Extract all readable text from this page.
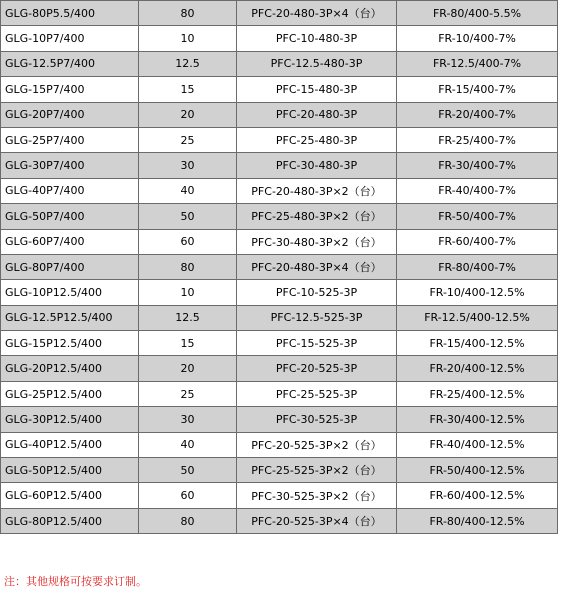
GLG-80P5.5/400	80	PFC-20-480-3P×4（台）	FR-80/400-5.5%
GLG-10P7/400	10	PFC-10-480-3P	FR-10/400-7%
GLG-12.5P7/400	12.5	PFC-12.5-480-3P	FR-12.5/400-7%
GLG-15P7/400	15	PFC-15-480-3P	FR-15/400-7%
GLG-20P7/400	20	PFC-20-480-3P	FR-20/400-7%
GLG-25P7/400	25	PFC-25-480-3P	FR-25/400-7%
GLG-30P7/400	30	PFC-30-480-3P	FR-30/400-7%
GLG-40P7/400	40	PFC-20-480-3P×2（台）	FR-40/400-7%
GLG-50P7/400	50	PFC-25-480-3P×2（台）	FR-50/400-7%
GLG-60P7/400	60	PFC-30-480-3P×2（台）	FR-60/400-7%
GLG-80P7/400	80	PFC-20-480-3P×4（台）	FR-80/400-7%
GLG-10P12.5/400	10	PFC-10-525-3P	FR-10/400-12.5%
GLG-12.5P12.5/400	12.5	PFC-12.5-525-3P	FR-12.5/400-12.5%
GLG-15P12.5/400	15	PFC-15-525-3P	FR-15/400-12.5%
GLG-20P12.5/400	20	PFC-20-525-3P	FR-20/400-12.5%
GLG-25P12.5/400	25	PFC-25-525-3P	FR-25/400-12.5%
GLG-30P12.5/400	30	PFC-30-525-3P	FR-30/400-12.5%
GLG-40P12.5/400	40	PFC-20-525-3P×2（台）	FR-40/400-12.5%
GLG-50P12.5/400	50	PFC-25-525-3P×2（台）	FR-50/400-12.5%
GLG-60P12.5/400	60	PFC-30-525-3P×2（台）	FR-60/400-12.5%
GLG-80P12.5/400	80	PFC-20-525-3P×4（台）	FR-80/400-12.5%
注：其他规格可按要求订制。
